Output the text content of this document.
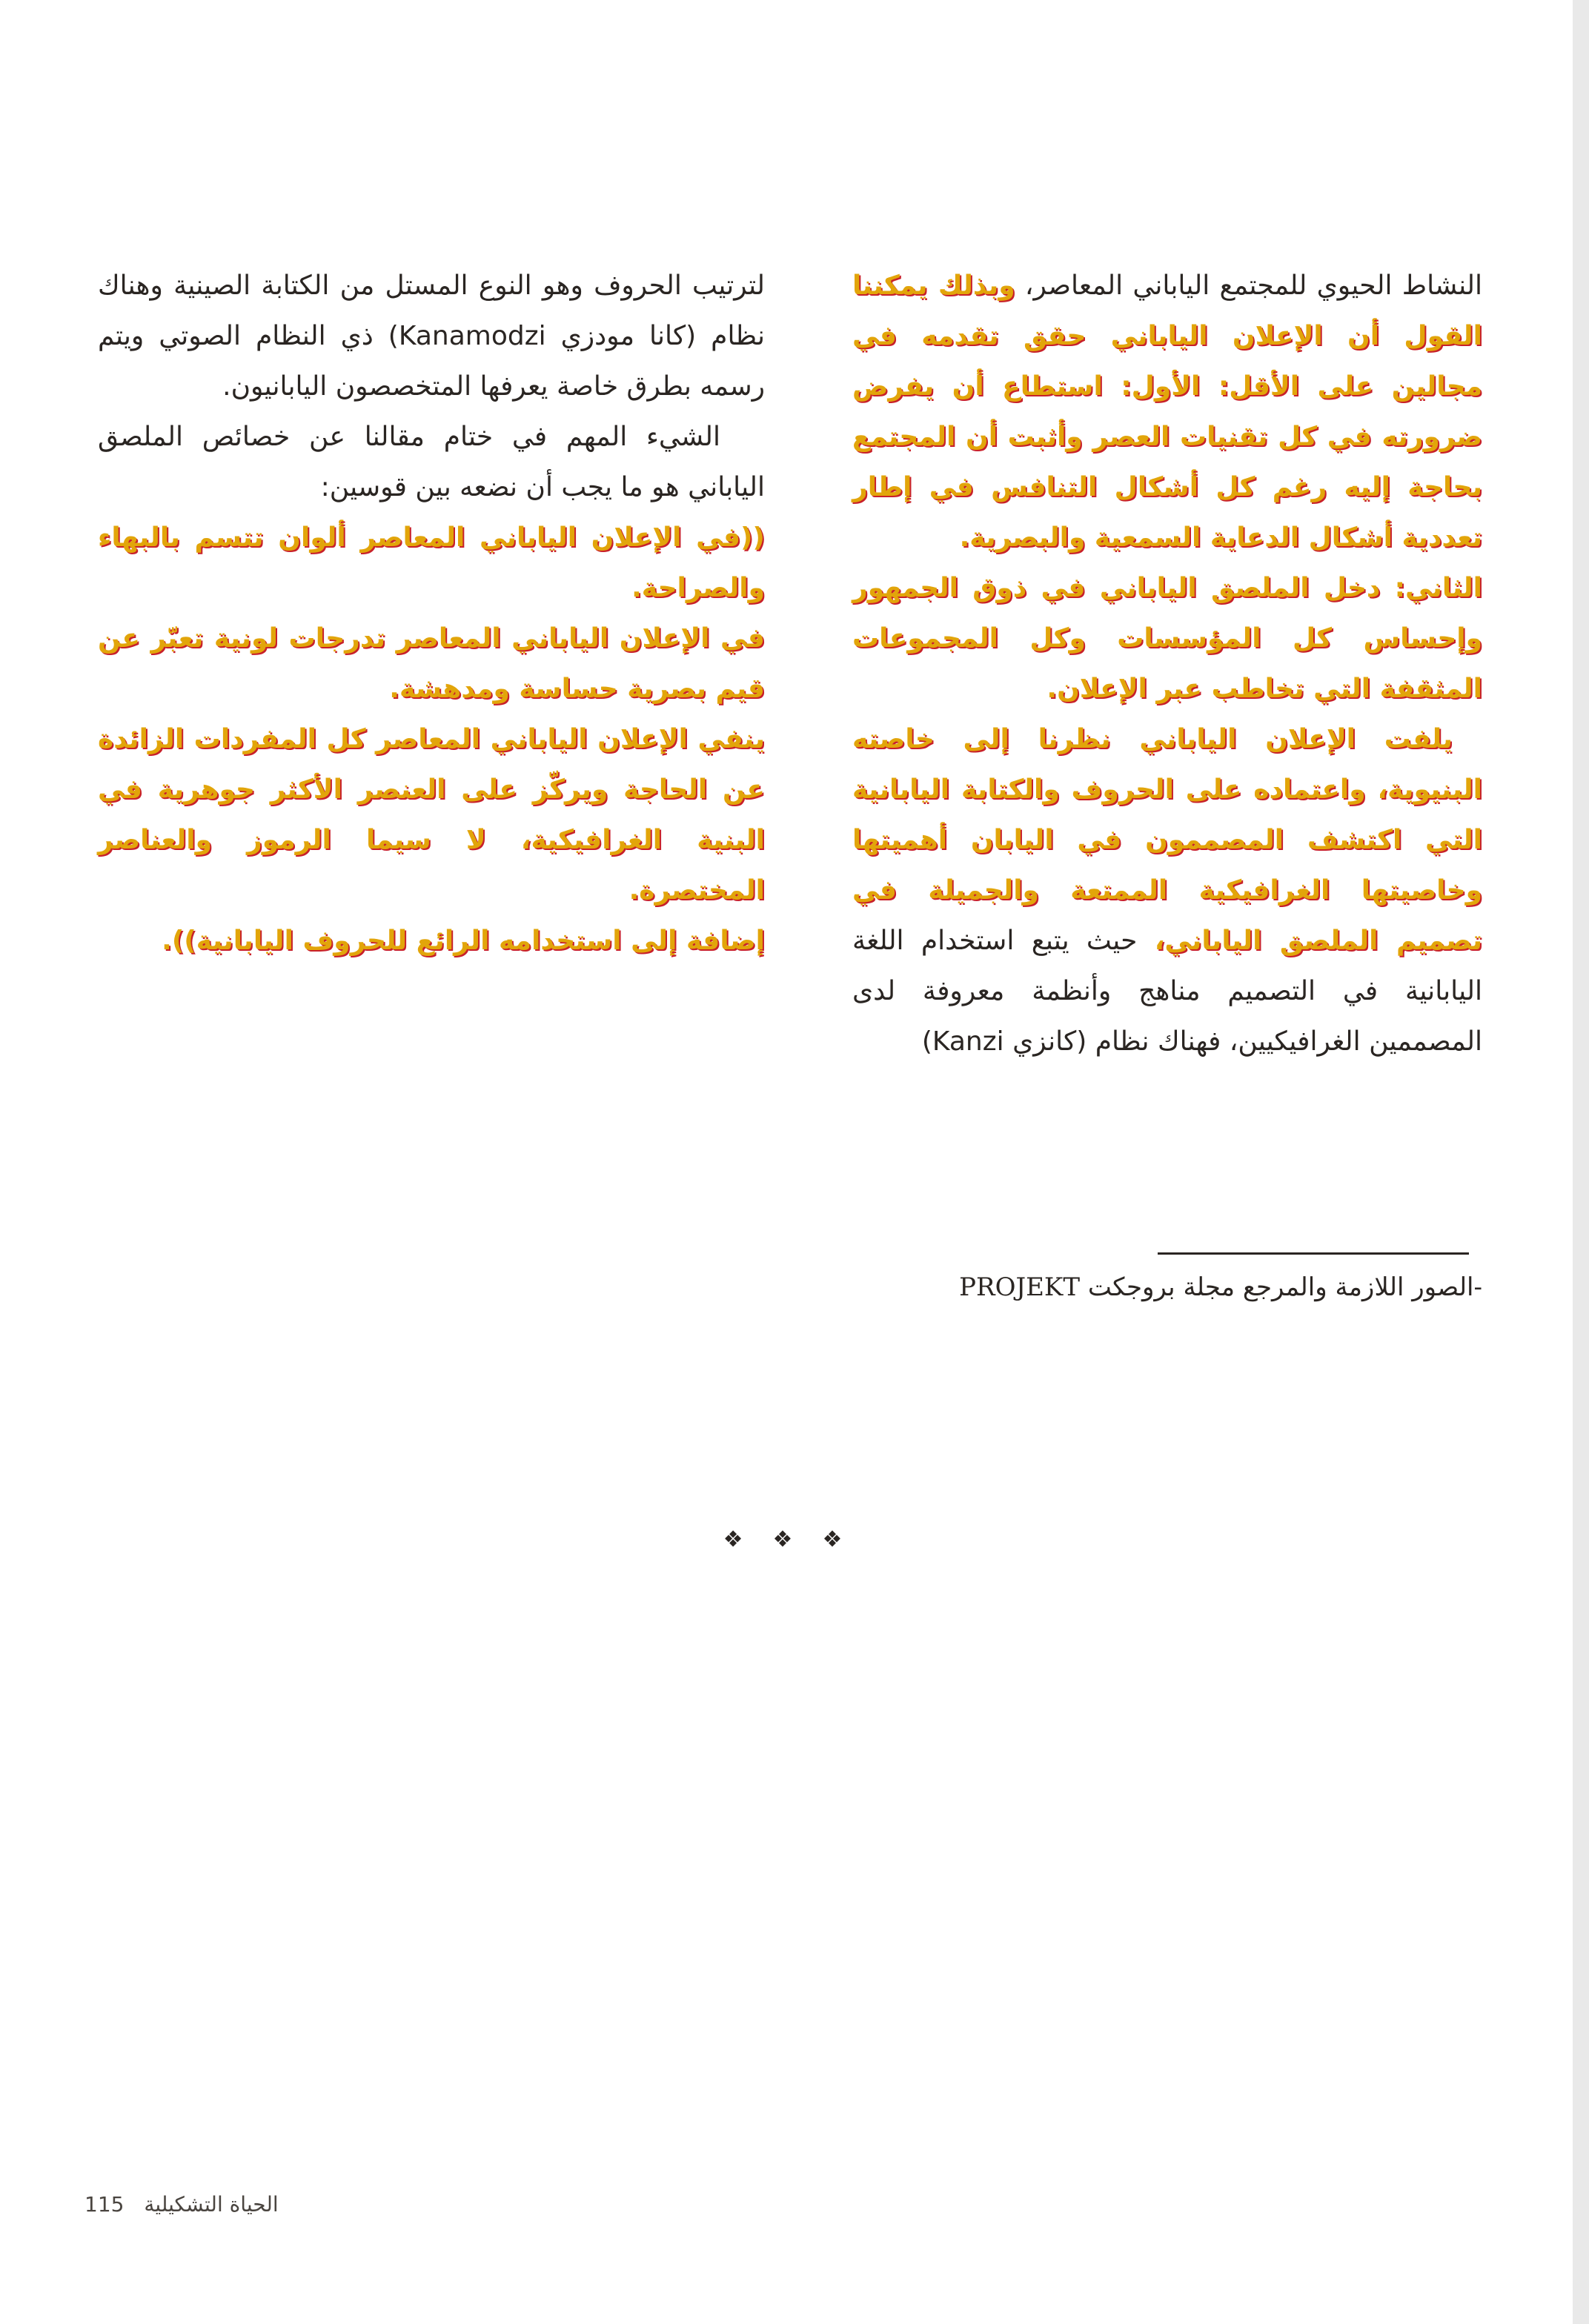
النشاط الحيوي للمجتمع الياباني المعاصر، وبذلك يمكننا القول أن الإعلان الياباني حقق تقدمه في مجالين على الأقل: الأول: استطاع أن يفرض ضرورته في كل تقنيات العصر وأثبت أن المجتمع بحاجة إليه رغم كل أشكال التنافس في إطار تعددية أشكال الدعاية السمعية والبصرية.

الثاني: دخل الملصق الياباني في ذوق الجمهور وإحساس كل المؤسسات وكل المجموعات المثقفة التي تخاطب عبر الإعلان.

يلفت الإعلان الياباني نظرنا إلى خاصته البنيوية، واعتماده على الحروف والكتابة اليابانية التي اكتشف المصممون في اليابان أهميتها وخاصيتها الغرافيكية الممتعة والجميلة في تصميم الملصق الياباني، حيث يتبع استخدام اللغة اليابانية في التصميم مناهج وأنظمة معروفة لدى المصممين الغرافيكيين، فهناك نظام (كانزي Kanzi)

لترتيب الحروف وهو النوع المستل من الكتابة الصينية وهناك نظام (كانا مودزي Kanamodzi) ذي النظام الصوتي ويتم رسمه بطرق خاصة يعرفها المتخصصون اليابانيون.

الشيء المهم في ختام مقالنا عن خصائص الملصق الياباني هو ما يجب أن نضعه بين قوسين:

((في الإعلان الياباني المعاصر ألوان تتسم بالبهاء والصراحة.

في الإعلان الياباني المعاصر تدرجات لونية تعبّر عن قيم بصرية حساسة ومدهشة.

ينفي الإعلان الياباني المعاصر كل المفردات الزائدة عن الحاجة ويركّز على العنصر الأكثر جوهرية في البنية الغرافيكية، لا سيما الرموز والعناصر المختصرة.

إضافة إلى استخدامه الرائع للحروف اليابانية)).

-الصور اللازمة والمرجع مجلة بروجكت PROJEKT

❖❖❖

الحياة التشكيلية 115
